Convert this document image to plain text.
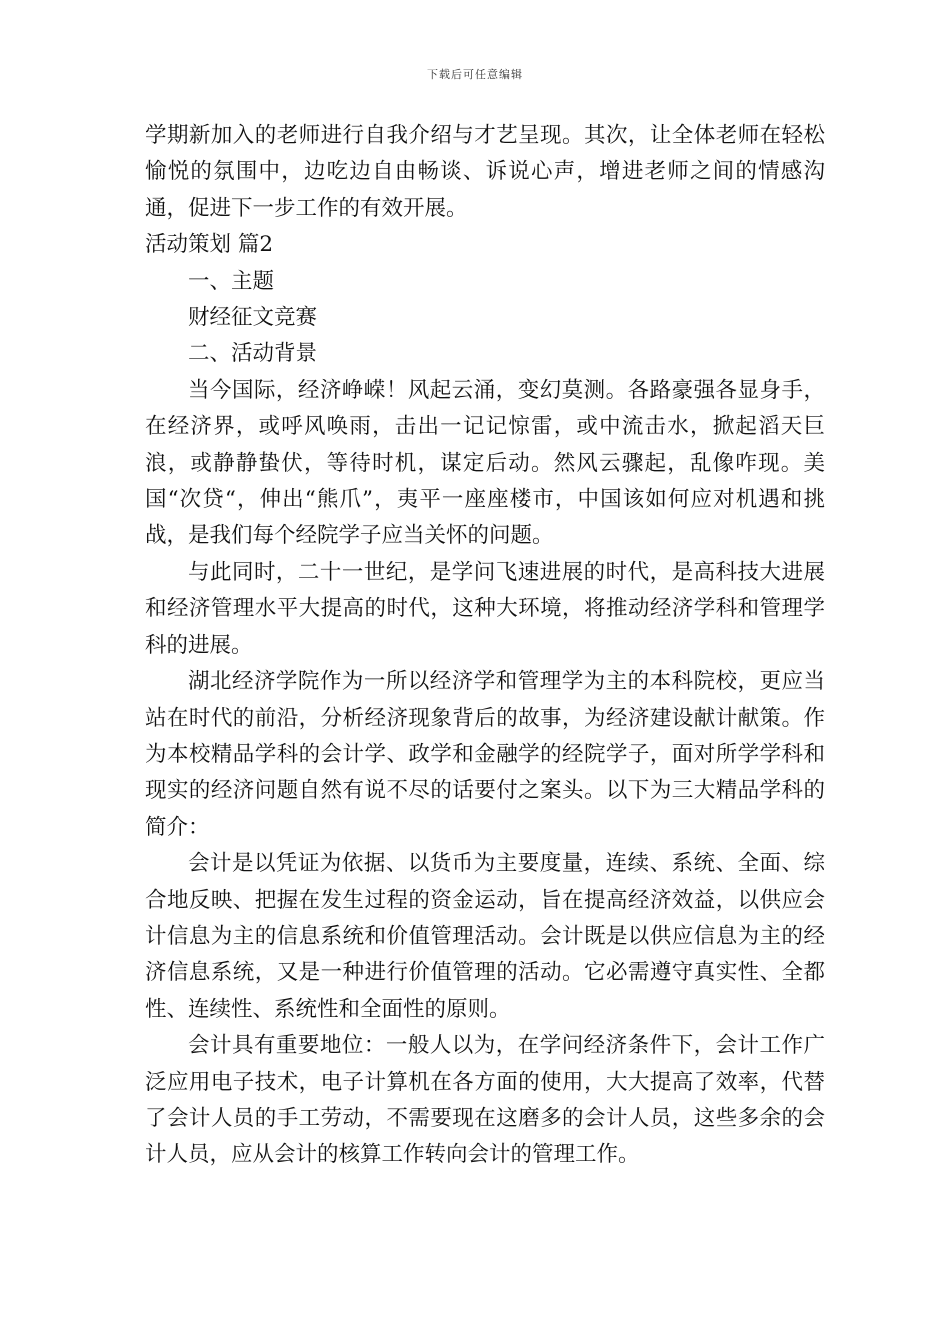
下载后可任意编辑

学期新加入的老师进行自我介绍与才艺呈现。其次，让全体老师在轻松愉悦的氛围中，边吃边自由畅谈、诉说心声，增进老师之间的情感沟通，促进下一步工作的有效开展。

活动策划 篇2

一、主题

财经征文竞赛

二、活动背景

当今国际，经济峥嵘！风起云涌，变幻莫测。各路豪强各显身手，在经济界，或呼风唤雨，击出一记记惊雷，或中流击水，掀起滔天巨浪，或静静蛰伏，等待时机，谋定后动。然风云骤起，乱像咋现。美国“次贷“，伸出“熊爪”，夷平一座座楼市，中国该如何应对机遇和挑战，是我们每个经院学子应当关怀的问题。

与此同时，二十一世纪，是学问飞速进展的时代，是高科技大进展和经济管理水平大提高的时代，这种大环境，将推动经济学科和管理学科的进展。

湖北经济学院作为一所以经济学和管理学为主的本科院校，更应当站在时代的前沿，分析经济现象背后的故事，为经济建设献计献策。作为本校精品学科的会计学、政学和金融学的经院学子，面对所学学科和现实的经济问题自然有说不尽的话要付之案头。以下为三大精品学科的简介：

会计是以凭证为依据、以货币为主要度量，连续、系统、全面、综合地反映、把握在发生过程的资金运动，旨在提高经济效益，以供应会计信息为主的信息系统和价值管理活动。会计既是以供应信息为主的经济信息系统，又是一种进行价值管理的活动。它必需遵守真实性、全都性、连续性、系统性和全面性的原则。

会计具有重要地位：一般人以为，在学问经济条件下，会计工作广泛应用电子技术，电子计算机在各方面的使用，大大提高了效率，代替了会计人员的手工劳动，不需要现在这磨多的会计人员，这些多余的会计人员，应从会计的核算工作转向会计的管理工作。
